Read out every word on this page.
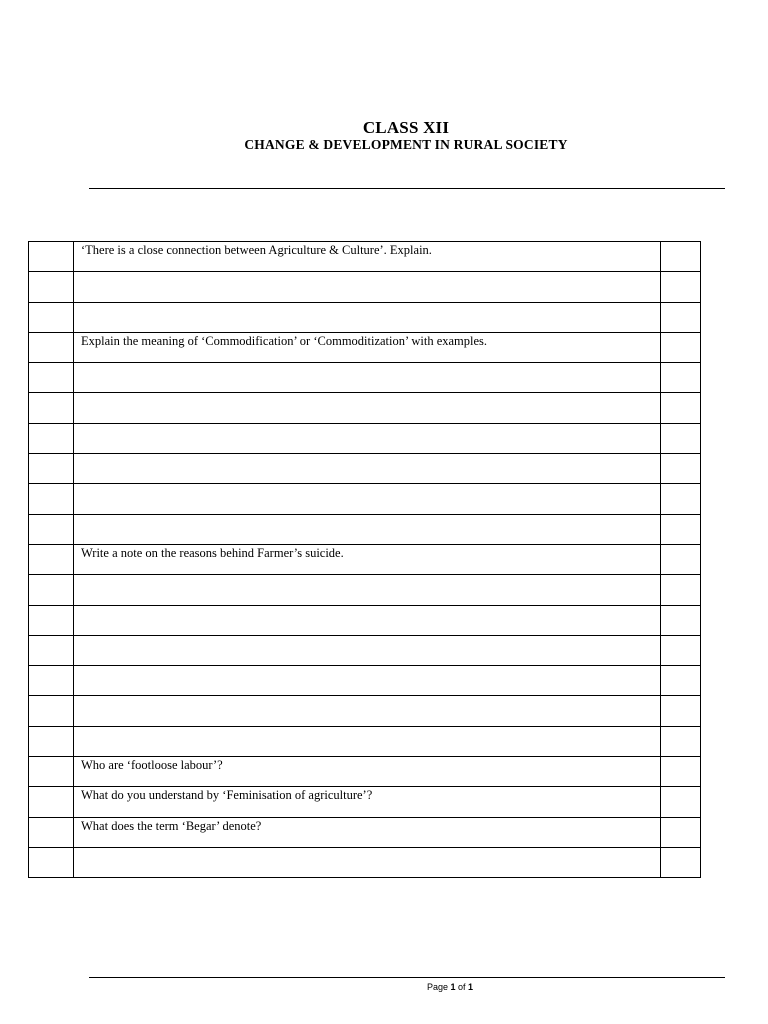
CLASS XII
CHANGE & DEVELOPMENT IN RURAL SOCIETY
	‘There is a close connection between Agriculture & Culture’. Explain.	

	Explain the meaning of ‘Commodification’ or ‘Commoditization’ with examples.	

	Write a note on the reasons behind Farmer’s suicide.	

	Who are ‘footloose labour’?	
	What do you understand by ‘Feminisation of agriculture’?	
	What does the term ‘Begar’ denote?	

Page 1 of 1
